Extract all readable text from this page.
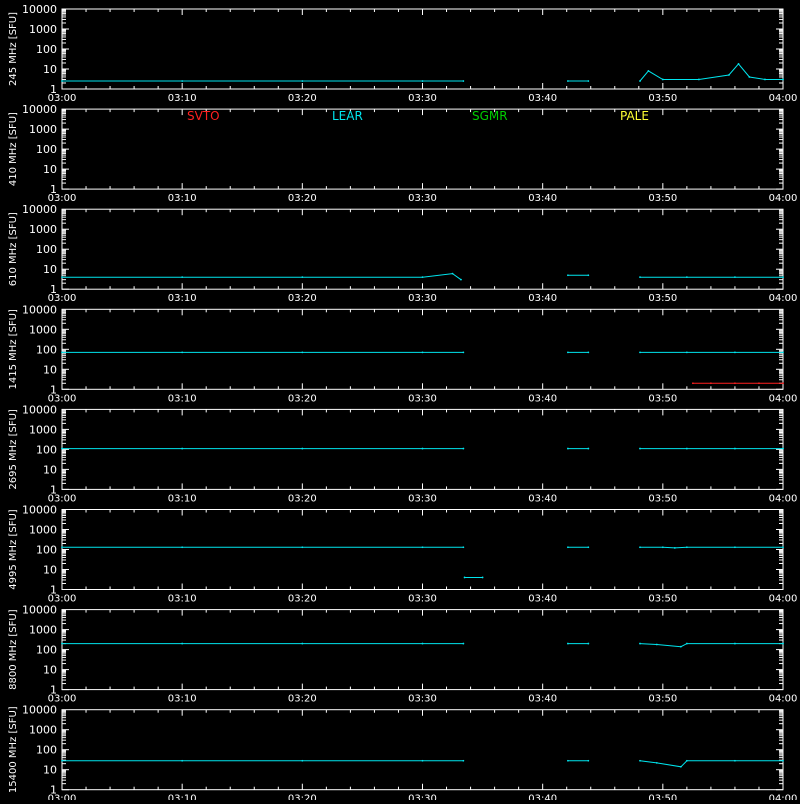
1
10
100
1000
10000
03:00	03:10	03:20	03:30	03:40	03:50	04:00
245 MHz [SFU]
1
10
100
1000
10000
03:00	03:10	03:20	03:30	03:40	03:50	04:00
410 MHz [SFU]
1
10
100
1000
10000
03:00	03:10	03:20	03:30	03:40	03:50	04:00
610 MHz [SFU]
1
10
100
1000
10000
03:00	03:10	03:20	03:30	03:40	03:50	04:00
1415 MHz [SFU]
1
10
100
1000
10000
03:00	03:10	03:20	03:30	03:40	03:50	04:00
2695 MHz [SFU]
1
10
100
1000
10000
03:00	03:10	03:20	03:30	03:40	03:50	04:00
4995 MHz [SFU]
1
10
100
1000
10000
03:00	03:10	03:20	03:30	03:40	03:50	04:00
8800 MHz [SFU]
1
10
100
1000
10000
03:00	03:10	03:20	03:30	03:40	03:50	04:00
15400 MHz [SFU]
SVTO	LEAR	SGMR	PALE
